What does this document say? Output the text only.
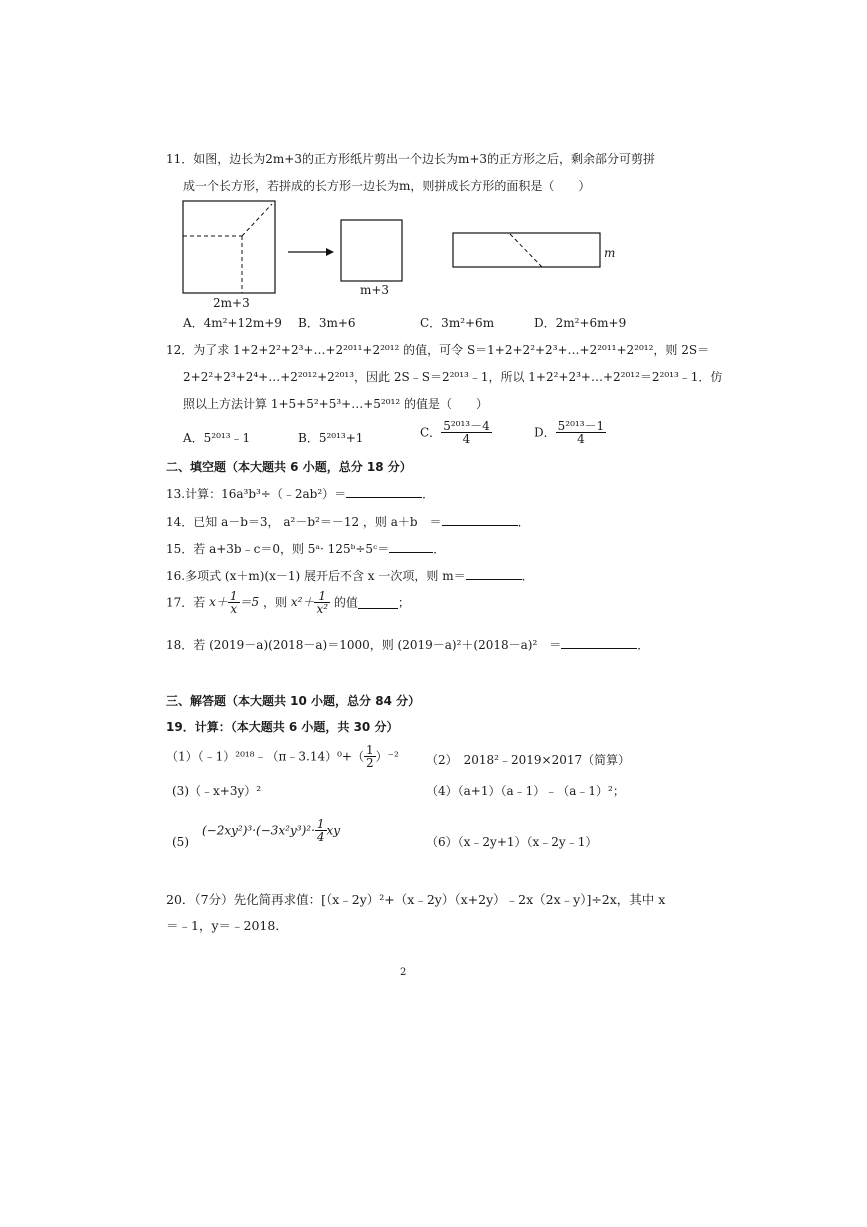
11．如图，边长为2m+3的正方形纸片剪出一个边长为m+3的正方形之后，剩余部分可剪拼
成一个长方形，若拼成的长方形一边长为m，则拼成长方形的面积是（　　）
2m+3
m+3
m
A．4m²+12m+9 B．3m+6	C．3m²+6m	D．2m²+6m+9
12．为了求 1+2+2²+2³+…+2²⁰¹¹+2²⁰¹² 的值，可令 S＝1+2+2²+2³+…+2²⁰¹¹+2²⁰¹²，则 2S＝
2+2²+2³+2⁴+…+2²⁰¹²+2²⁰¹³，因此 2S﹣S＝2²⁰¹³﹣1，所以 1+2²+2³+…+2²⁰¹²＝2²⁰¹³﹣1．仿
照以上方法计算 1+5+5²+5³+…+5²⁰¹² 的值是（　　）
A．5²⁰¹³﹣1	B．5²⁰¹³+1	C． $\frac{\text{5²⁰¹³－4}}{4}$	D． $\frac{\text{5²⁰¹³－1}}{4}$
二、填空题（本大题共 6 小题，总分 18 分）
13.计算：16a³b³÷（﹣2ab²）＝	．
14．已知 a－b＝3， a²－b²＝－12 ，则 a＋b　＝	．
15．若 a+3b﹣c＝0，则 5ᵃ· 125ᵇ÷5ᶜ＝	．
16.多项式 (x＋m)(x－1) 展开后不含 x 一次项，则 m＝	．
17．若 $x+ \frac{1}{x} =5$ ，则 $x^2+ \frac{1}{\text{x²}}$ 的值	；
18．若 (2019－a)(2018－a)＝1000，则 (2019－a)²＋(2018－a)²　＝	．
三、解答题（本大题共 10 小题，总分 84 分）
19．计算：（本大题共 6 小题，共 30 分）
（1）（﹣1）²⁰¹⁸﹣（π﹣3.14）⁰+（ $\frac{1}{2} )^{-2}$ （2）　2018²﹣2019×2017（简算）
(3)（﹣x+3y）²	（4）（a+1）（a﹣1）﹣（a﹣1）²；
(5)
$(-2xy^2)^3\cdot(-3x^2y^3)^2\cdot \frac{1}{4}$ xy
（6）（x﹣2y+1）（x﹣2y﹣1）
20．（7分）先化简再求值：[（x﹣2y）²+（x﹣2y）（x+2y）﹣2x（2x﹣y）]÷2x，其中 x
＝﹣1，y＝﹣2018．
2
